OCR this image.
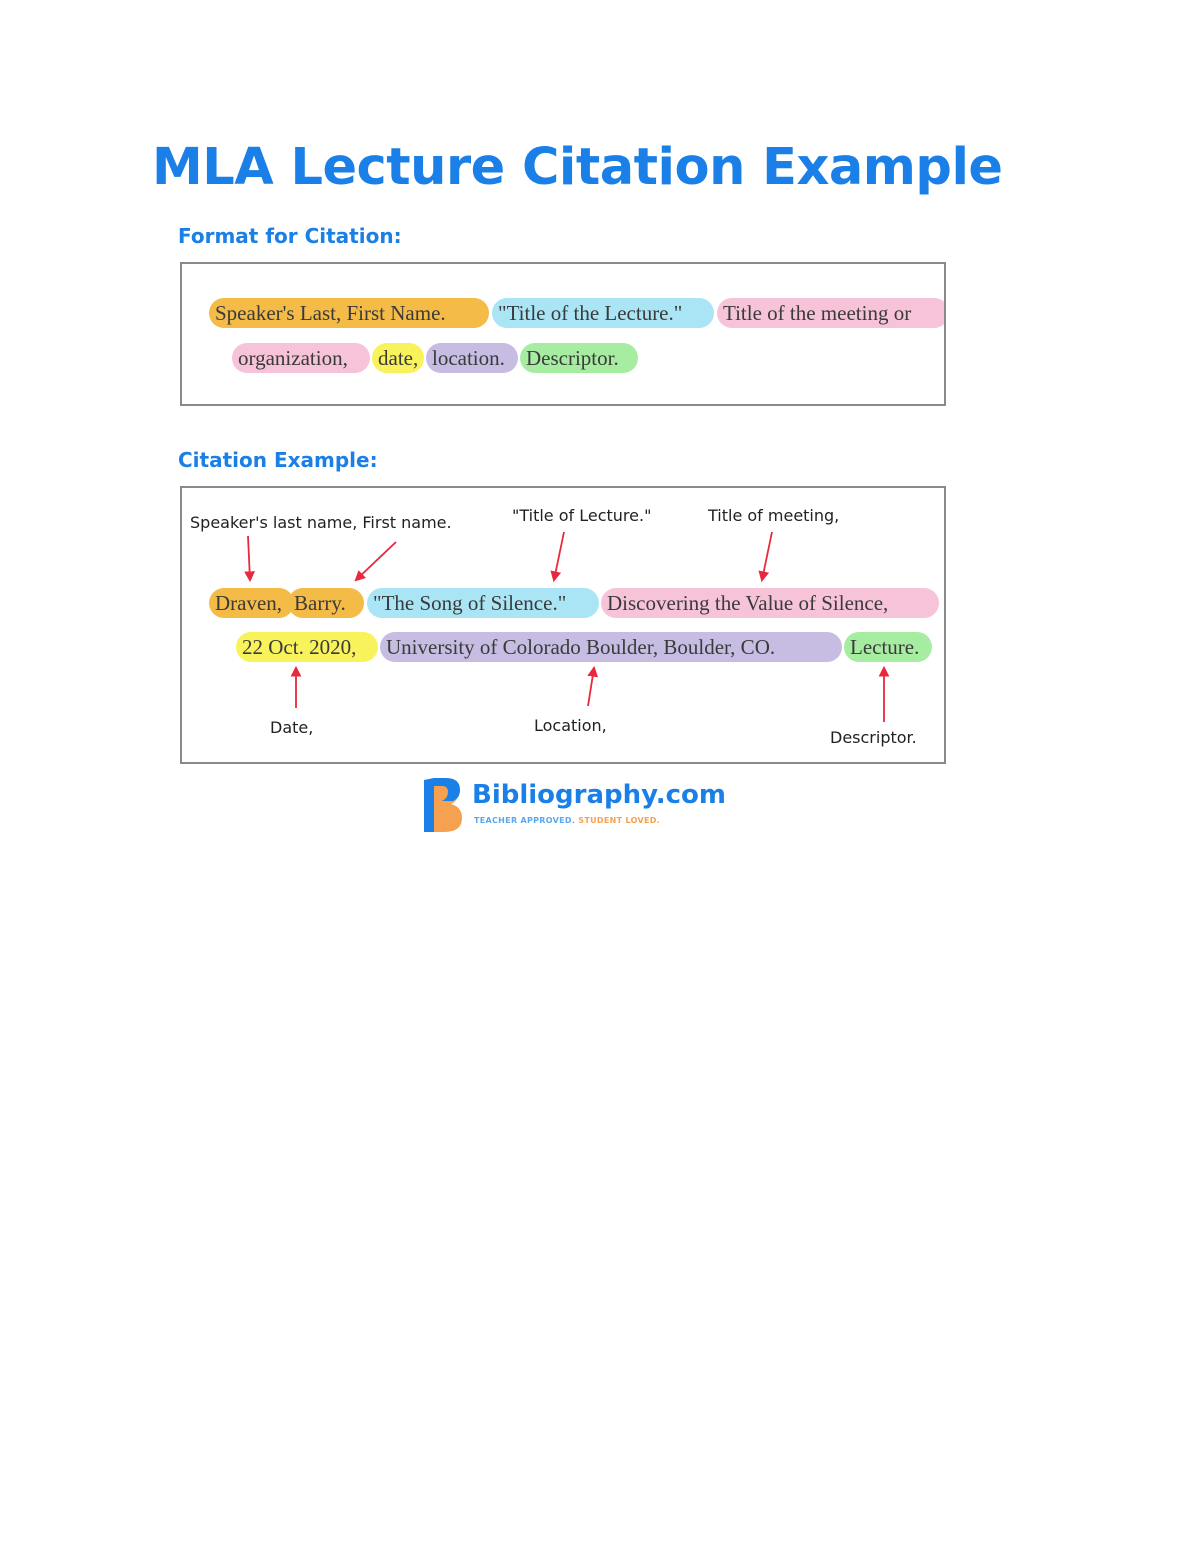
MLA Lecture Citation Example
Format for Citation:
Speaker's Last, First Name.	"Title of the Lecture."	Title of the meeting or
organization,	date, location.	Descriptor.
Citation Example:
Speaker's last name, First name.	"Title of Lecture."	Title of meeting,
Draven, Barry.	"The Song of Silence."	Discovering the Value of Silence,
22 Oct. 2020,	University of Colorado Boulder, Boulder, CO.	Lecture.
Date,	Location,
Descriptor.
Bibliography.com
TEACHER APPROVED. STUDENT LOVED.
